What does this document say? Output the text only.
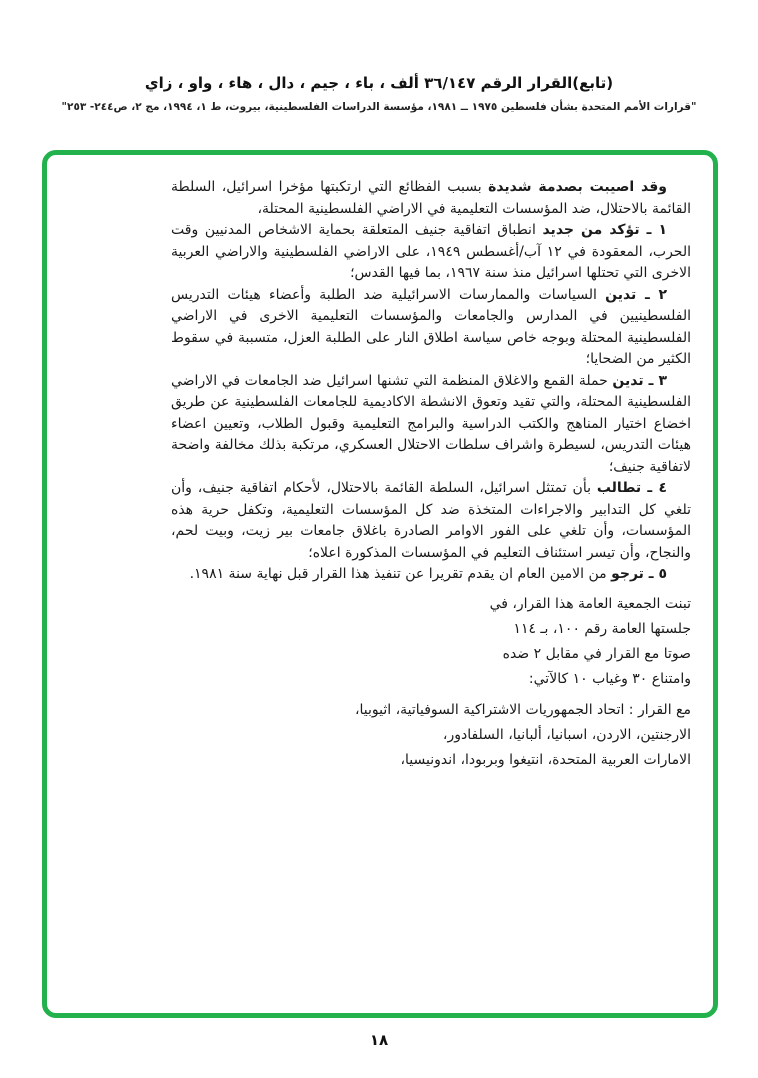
(تابع)القرار الرقم ٣٦/١٤٧ ألف ، باء ، جيم ، دال ، هاء ، واو ، زاي
"قرارات الأمم المتحدة بشأن فلسطين ١٩٧٥ ــ ١٩٨١، مؤسسة الدراسات الفلسطينية، بيروت، ط ١، ١٩٩٤، مج ٢، ص٢٤٤- ٢٥٣"

وقد اصيبت بصدمة شديدة بسبب الفظائع التي ارتكبتها مؤخرا اسرائيل، السلطة القائمة بالاحتلال، ضد المؤسسات التعليمية في الاراضي الفلسطينية المحتلة،

١ ـ تؤكد من جديد انطباق اتفاقية جنيف المتعلقة بحماية الاشخاص المدنيين وقت الحرب، المعقودة في ١٢ آب/أغسطس ١٩٤٩، على الاراضي الفلسطينية والاراضي العربية الاخرى التي تحتلها اسرائيل منذ سنة ١٩٦٧، بما فيها القدس؛

٢ ـ تدين السياسات والممارسات الاسرائيلية ضد الطلبة وأعضاء هيئات التدريس الفلسطينيين في المدارس والجامعات والمؤسسات التعليمية الاخرى في الاراضي الفلسطينية المحتلة وبوجه خاص سياسة اطلاق النار على الطلبة العزل، متسببة في سقوط الكثير من الضحايا؛

٣ ـ تدين حملة القمع والاغلاق المنظمة التي تشنها اسرائيل ضد الجامعات في الاراضي الفلسطينية المحتلة، والتي تقيد وتعوق الانشطة الاكاديمية للجامعات الفلسطينية عن طريق اخضاع اختيار المناهج والكتب الدراسية والبرامج التعليمية وقبول الطلاب، وتعيين اعضاء هيئات التدريس، لسيطرة واشراف سلطات الاحتلال العسكري، مرتكبة بذلك مخالفة واضحة لاتفاقية جنيف؛

٤ ـ تطالب بأن تمتثل اسرائيل، السلطة القائمة بالاحتلال، لأحكام اتفاقية جنيف، وأن تلغي كل التدابير والاجراءات المتخذة ضد كل المؤسسات التعليمية، وتكفل حرية هذه المؤسسات، وأن تلغي على الفور الاوامر الصادرة باغلاق جامعات بير زيت، وبيت لحم، والنجاح، وأن تيسر استئناف التعليم في المؤسسات المذكورة اعلاه؛

٥ ـ ترجو من الامين العام ان يقدم تقريرا عن تنفيذ هذا القرار قبل نهاية سنة ١٩٨١.

تبنت الجمعية العامة هذا القرار، في
جلستها العامة رقم ١٠٠، بـ ١١٤
صوتا مع القرار في مقابل ٢ ضده
وامتناع ٣٠ وغياب ١٠ كالآتي:
مع القرار : اتحاد الجمهوريات الاشتراكية السوفياتية، اثيوبيا،
الارجنتين، الاردن، اسبانيا، ألبانيا، السلفادور،
الامارات العربية المتحدة، انتيغوا وبربودا، اندونيسيا،
١٨
